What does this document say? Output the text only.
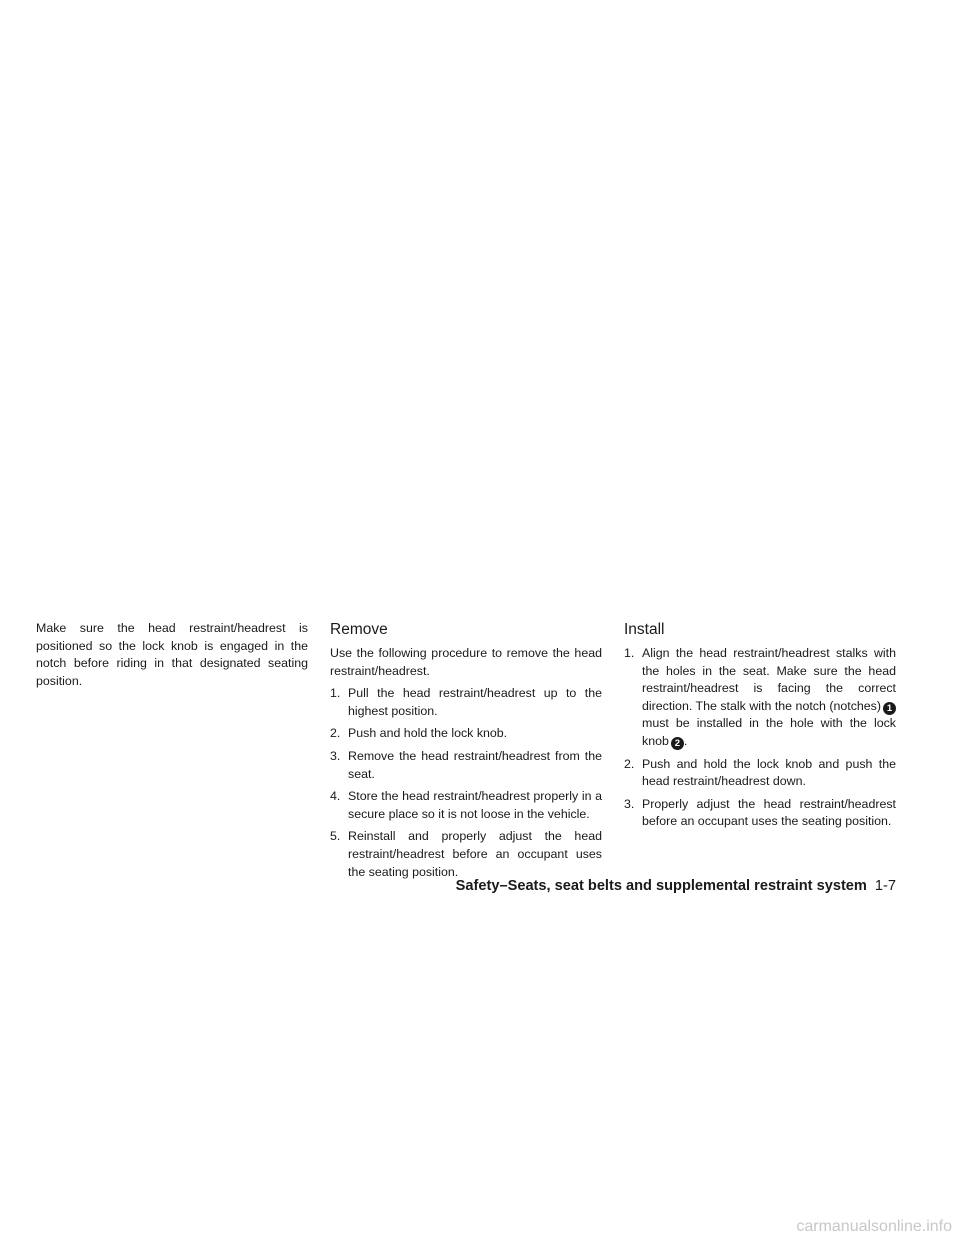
Make sure the head restraint/headrest is positioned so the lock knob is engaged in the notch before riding in that designated seating position.

Remove

Use the following procedure to remove the head restraint/headrest.

1. Pull the head restraint/headrest up to the highest position.
2. Push and hold the lock knob.
3. Remove the head restraint/headrest from the seat.
4. Store the head restraint/headrest properly in a secure place so it is not loose in the vehicle.
5. Reinstall and properly adjust the head restraint/headrest before an occupant uses the seating position.
Install
1. Align the head restraint/headrest stalks with the holes in the seat. Make sure the head restraint/headrest is facing the correct direction. The stalk with the notch (notches) 1 must be installed in the hole with the lock knob 2 .
2. Push and hold the lock knob and push the head restraint/headrest down.
3. Properly adjust the head restraint/headrest before an occupant uses the seating position.
Safety–Seats, seat belts and supplemental restraint system 1-7
carmanualsonline.info
